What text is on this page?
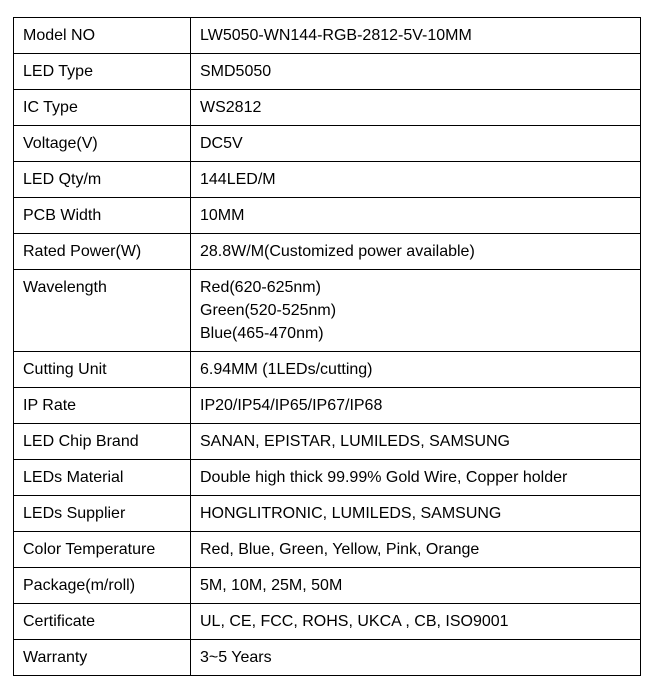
Model NO	LW5050-WN144-RGB-2812-5V-10MM
LED Type	SMD5050
IC Type	WS2812
Voltage(V)	DC5V
LED Qty/m	144LED/M
PCB Width	10MM
Rated Power(W)	28.8W/M(Customized power available)
Wavelength	Red(620-625nm)
Green(520-525nm)
Blue(465-470nm)

Cutting Unit	6.94MM (1LEDs/cutting)
IP Rate	IP20/IP54/IP65/IP67/IP68
LED Chip Brand	SANAN, EPISTAR, LUMILEDS, SAMSUNG
LEDs Material	Double high thick 99.99% Gold Wire, Copper holder
LEDs Supplier	HONGLITRONIC, LUMILEDS, SAMSUNG
Color Temperature	Red, Blue, Green, Yellow, Pink, Orange
Package(m/roll)	5M, 10M, 25M, 50M
Certificate	UL, CE, FCC, ROHS, UKCA , CB, ISO9001
Warranty	3~5 Years
